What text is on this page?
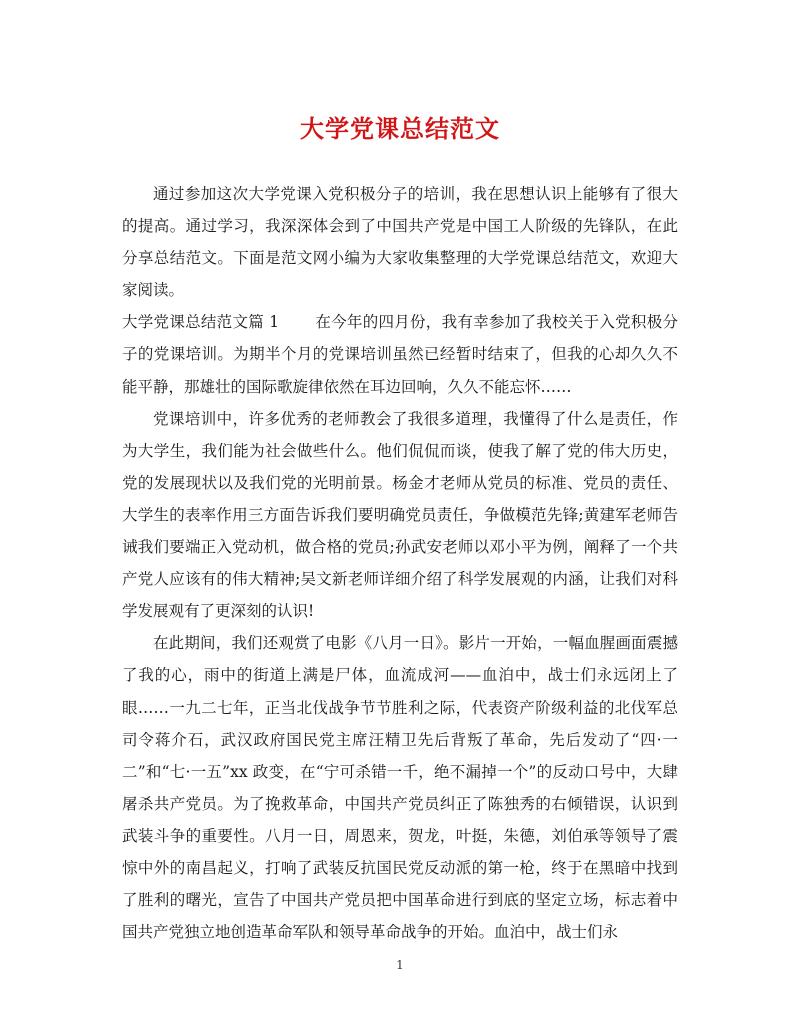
大学党课总结范文

通过参加这次大学党课入党积极分子的培训，我在思想认识上能够有了很大的提高。通过学习，我深深体会到了中国共产党是中国工人阶级的先锋队，在此分享总结范文。下面是范文网小编为大家收集整理的大学党课总结范文，欢迎大家阅读。

大学党课总结范文篇 1 在今年的四月份，我有幸参加了我校关于入党积极分子的党课培训。为期半个月的党课培训虽然已经暂时结束了，但我的心却久久不能平静，那雄壮的国际歌旋律依然在耳边回响，久久不能忘怀……

党课培训中，许多优秀的老师教会了我很多道理，我懂得了什么是责任，作为大学生，我们能为社会做些什么。他们侃侃而谈，使我了解了党的伟大历史，党的发展现状以及我们党的光明前景。杨金才老师从党员的标准、党员的责任、大学生的表率作用三方面告诉我们要明确党员责任，争做模范先锋;黄建军老师告诫我们要端正入党动机，做合格的党员;孙武安老师以邓小平为例，阐释了一个共产党人应该有的伟大精神;吴文新老师详细介绍了科学发展观的内涵，让我们对科学发展观有了更深刻的认识!

在此期间，我们还观赏了电影《八月一日》。影片一开始，一幅血腥画面震撼了我的心，雨中的街道上满是尸体，血流成河——血泊中，战士们永远闭上了眼……一九二七年，正当北伐战争节节胜利之际，代表资产阶级利益的北伐军总司令蒋介石，武汉政府国民党主席汪精卫先后背叛了革命，先后发动了“四·一二”和“七·一五”xx 政变，在“宁可杀错一千，绝不漏掉一个”的反动口号中，大肆屠杀共产党员。为了挽救革命，中国共产党员纠正了陈独秀的右倾错误，认识到武装斗争的重要性。八月一日，周恩来，贺龙，叶挺，朱德，刘伯承等领导了震惊中外的南昌起义，打响了武装反抗国民党反动派的第一枪，终于在黑暗中找到了胜利的曙光，宣告了中国共产党员把中国革命进行到底的坚定立场，标志着中国共产党独立地创造革命军队和领导革命战争的开始。血泊中，战士们永

1
